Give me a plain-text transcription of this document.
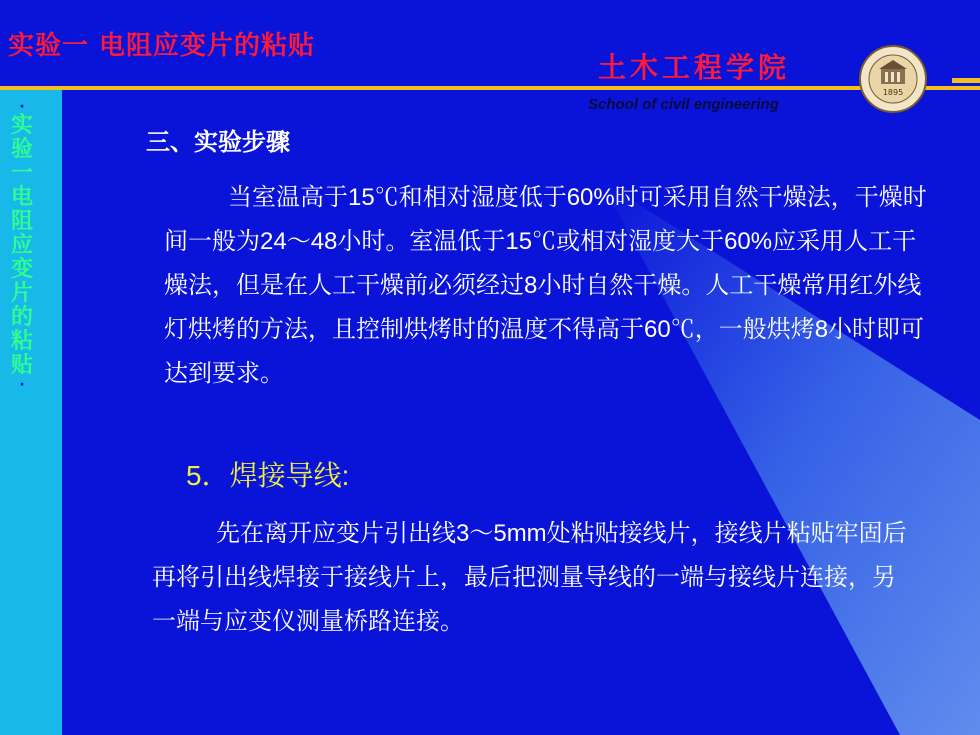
·
实验一 电阻应变片的粘贴
·
实验一 电阻应变片的粘贴
土木工程学院
School of civil engineering
1895
三、实验步骤
当室温高于15℃和相对湿度低于60%时可采用自然干燥法，干燥时间一般为24～48小时。室温低于15℃或相对湿度大于60%应采用人工干燥法，但是在人工干燥前必须经过8小时自然干燥。人工干燥常用红外线灯烘烤的方法，且控制烘烤时的温度不得高于60℃，一般烘烤8小时即可达到要求。
5．焊接导线:
先在离开应变片引出线3～5mm处粘贴接线片，接线片粘贴牢固后再将引出线焊接于接线片上，最后把测量导线的一端与接线片连接，另一端与应变仪测量桥路连接。
